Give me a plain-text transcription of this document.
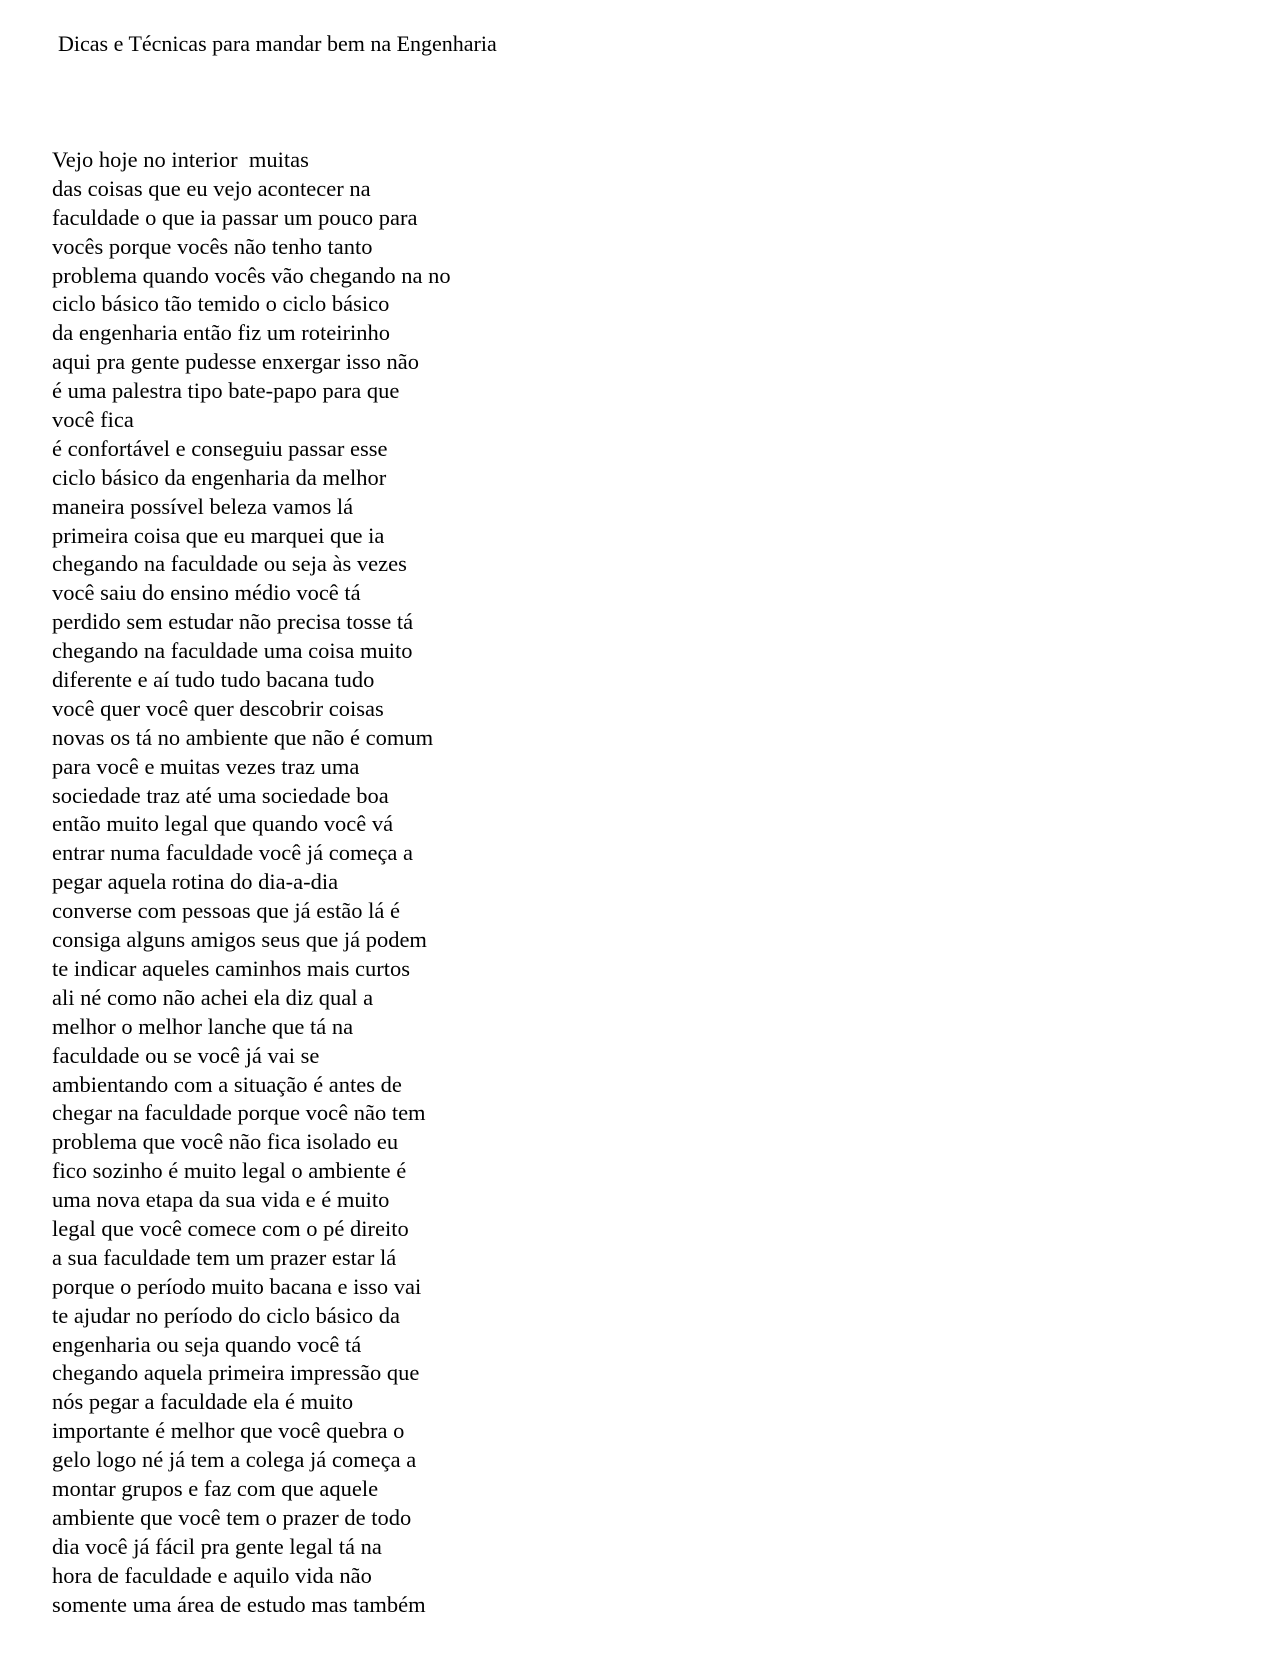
Dicas e Técnicas para mandar bem na Engenharia
Vejo hoje no interior  muitas
das coisas que eu vejo acontecer na
faculdade o que ia passar um pouco para
vocês porque vocês não tenho tanto
problema quando vocês vão chegando na no
ciclo básico tão temido o ciclo básico
da engenharia então fiz um roteirinho
aqui pra gente pudesse enxergar isso não
é uma palestra tipo bate-papo para que
você fica
é confortável e conseguiu passar esse
ciclo básico da engenharia da melhor
maneira possível beleza vamos lá
primeira coisa que eu marquei que ia
chegando na faculdade ou seja às vezes
você saiu do ensino médio você tá
perdido sem estudar não precisa tosse tá
chegando na faculdade uma coisa muito
diferente e aí tudo tudo bacana tudo
você quer você quer descobrir coisas
novas os tá no ambiente que não é comum
para você e muitas vezes traz uma
sociedade traz até uma sociedade boa
então muito legal que quando você vá
entrar numa faculdade você já começa a
pegar aquela rotina do dia-a-dia
converse com pessoas que já estão lá é
consiga alguns amigos seus que já podem
te indicar aqueles caminhos mais curtos
ali né como não achei ela diz qual a
melhor o melhor lanche que tá na
faculdade ou se você já vai se
ambientando com a situação é antes de
chegar na faculdade porque você não tem
problema que você não fica isolado eu
fico sozinho é muito legal o ambiente é
uma nova etapa da sua vida e é muito
legal que você comece com o pé direito
a sua faculdade tem um prazer estar lá
porque o período muito bacana e isso vai
te ajudar no período do ciclo básico da
engenharia ou seja quando você tá
chegando aquela primeira impressão que
nós pegar a faculdade ela é muito
importante é melhor que você quebra o
gelo logo né já tem a colega já começa a
montar grupos e faz com que aquele
ambiente que você tem o prazer de todo
dia você já fácil pra gente legal tá na
hora de faculdade e aquilo vida não
somente uma área de estudo mas também
